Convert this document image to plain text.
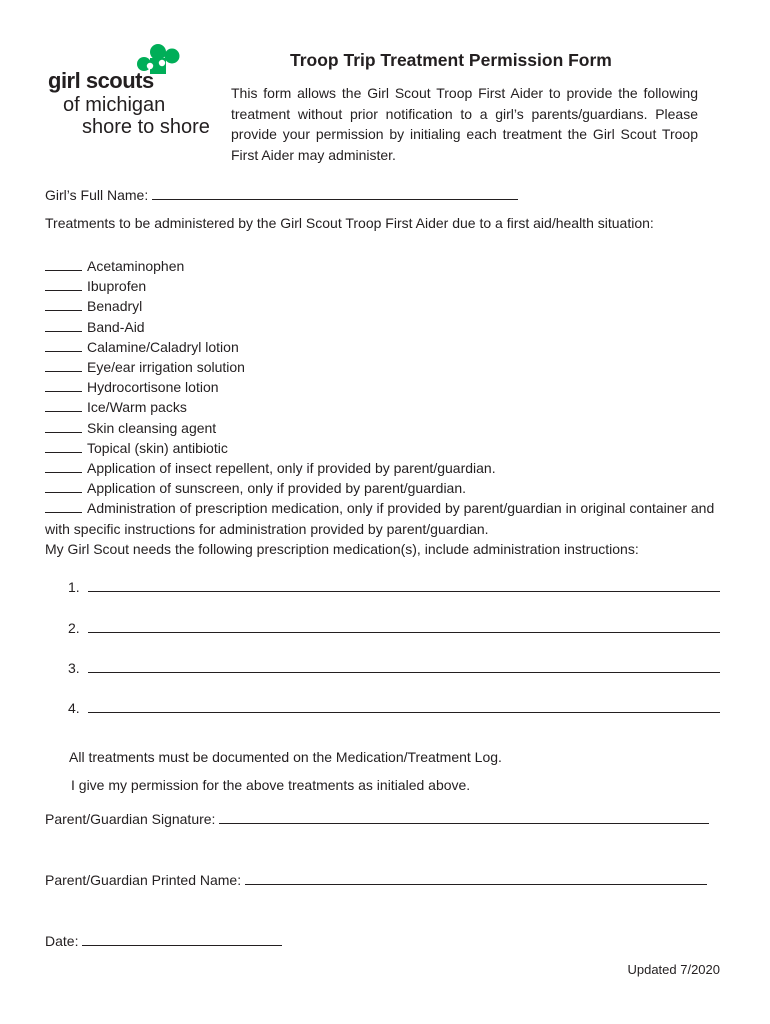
girl scouts
of michigan
shore to shore
Troop Trip Treatment Permission Form
This form allows the Girl Scout Troop First Aider to provide the following treatment without prior notification to a girl’s parents/guardians. Please provide your permission by initialing each treatment the Girl Scout Troop First Aider may administer.
Girl’s Full Name:
Treatments to be administered by the Girl Scout Troop First Aider due to a first aid/health situation:
Acetaminophen
Ibuprofen
Benadryl
Band-Aid
Calamine/Caladryl lotion
Eye/ear irrigation solution
Hydrocortisone lotion
Ice/Warm packs
Skin cleansing agent
Topical (skin) antibiotic
Application of insect repellent, only if provided by parent/guardian.
Application of sunscreen, only if provided by parent/guardian.
Administration of prescription medication, only if provided by parent/guardian in original container and with specific instructions for administration provided by parent/guardian.
My Girl Scout needs the following prescription medication(s), include administration instructions:
1.
2.
3.
4.
All treatments must be documented on the Medication/Treatment Log.
I give my permission for the above treatments as initialed above.
Parent/Guardian Signature:
Parent/Guardian Printed Name:
Date:
Updated 7/2020
